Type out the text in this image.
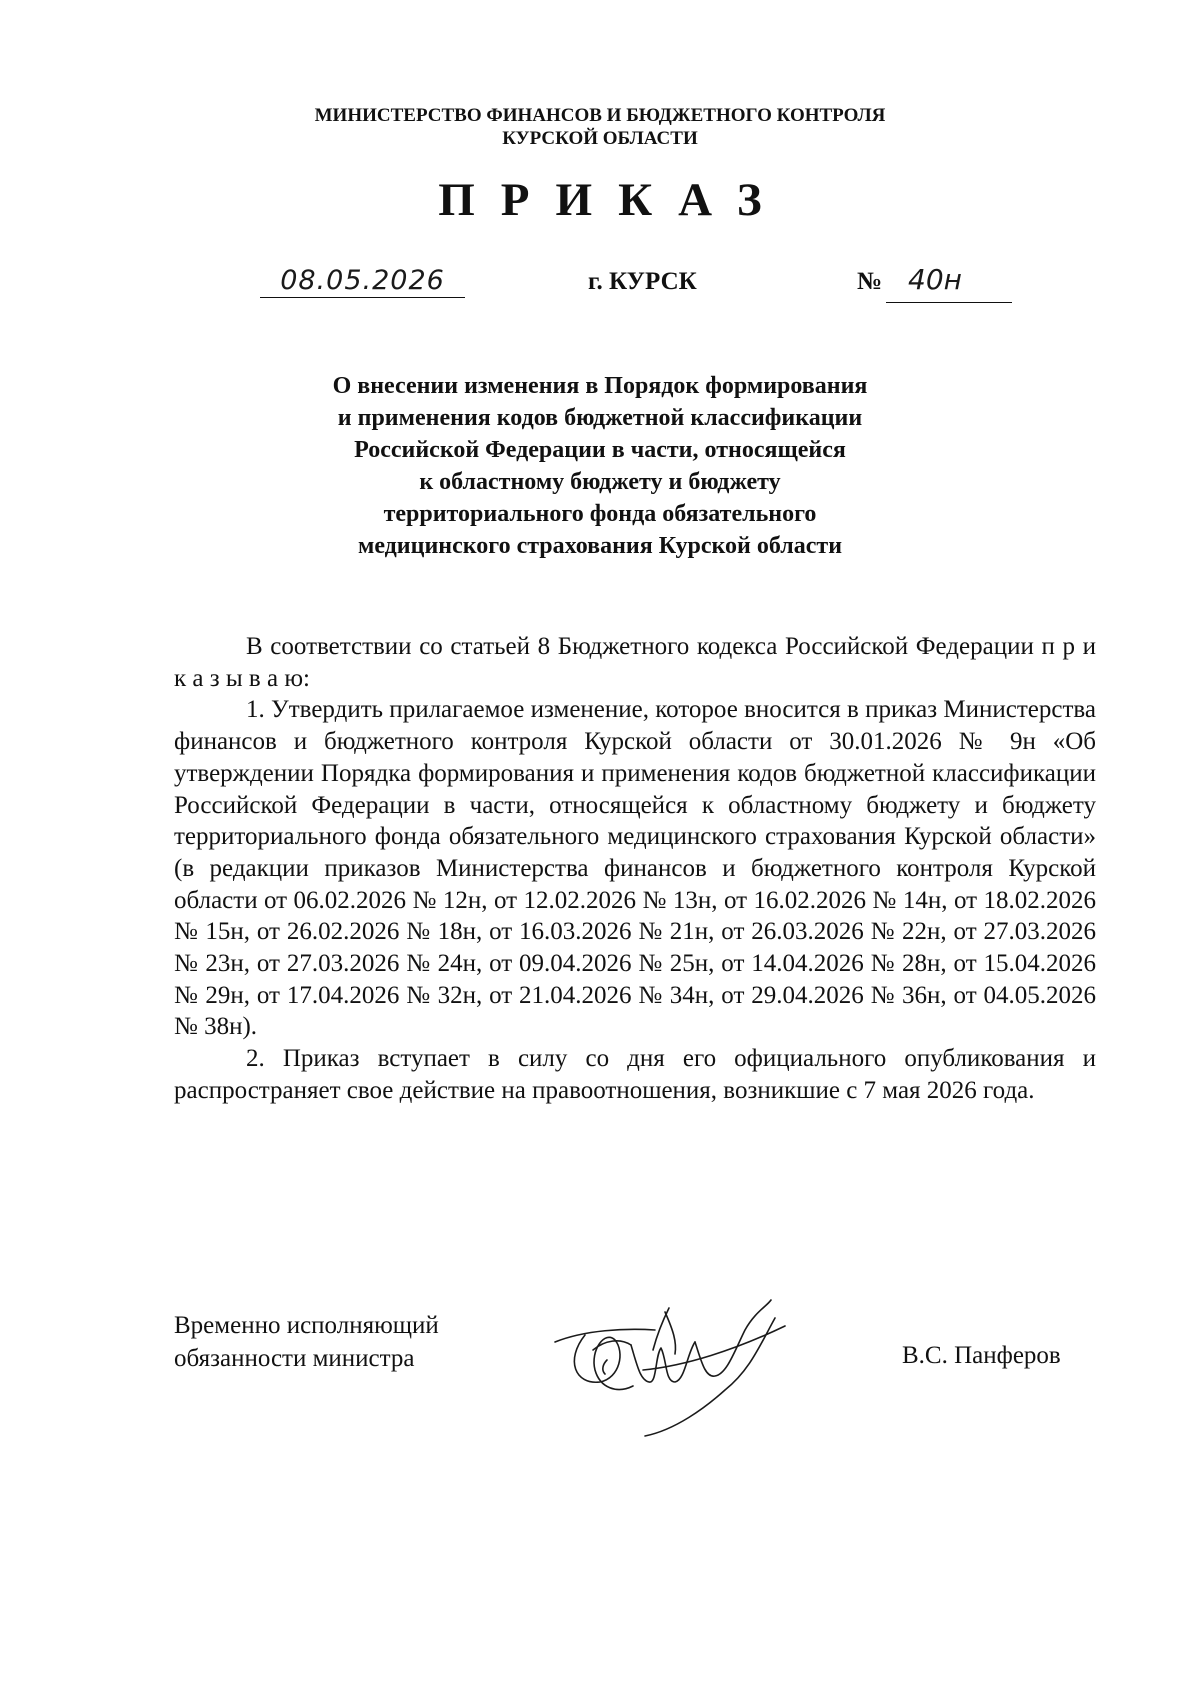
МИНИСТЕРСТВО ФИНАНСОВ И БЮДЖЕТНОГО КОНТРОЛЯ
КУРСКОЙ ОБЛАСТИ
ПРИКАЗ
08.05.2026	г. КУРСК	№ 40н
О внесении изменения в Порядок формирования
и применения кодов бюджетной классификации
Российской Федерации в части, относящейся
к областному бюджету и бюджету
территориального фонда обязательного
медицинского страхования Курской области

В соответствии со статьей 8 Бюджетного кодекса Российской Федерации п р и к а з ы в а ю:

1. Утвердить прилагаемое изменение, которое вносится в приказ Министерства финансов и бюджетного контроля Курской области от 30.01.2026 № 9н «Об утверждении Порядка формирования и применения кодов бюджетной классификации Российской Федерации в части, относящейся к областному бюджету и бюджету территориального фонда обязательного медицинского страхования Курской области» (в редакции приказов Министерства финансов и бюджетного контроля Курской области от 06.02.2026 № 12н, от 12.02.2026 № 13н, от 16.02.2026 № 14н, от 18.02.2026 № 15н, от 26.02.2026 № 18н, от 16.03.2026 № 21н, от 26.03.2026 № 22н, от 27.03.2026 № 23н, от 27.03.2026 № 24н, от 09.04.2026 № 25н, от 14.04.2026 № 28н, от 15.04.2026 № 29н, от 17.04.2026 № 32н, от 21.04.2026 № 34н, от 29.04.2026 № 36н, от 04.05.2026 № 38н).

2. Приказ вступает в силу со дня его официального опубликования и распространяет свое действие на правоотношения, возникшие с 7 мая 2026 года.

Временно исполняющий
обязанности министра	В.С. Панферов
